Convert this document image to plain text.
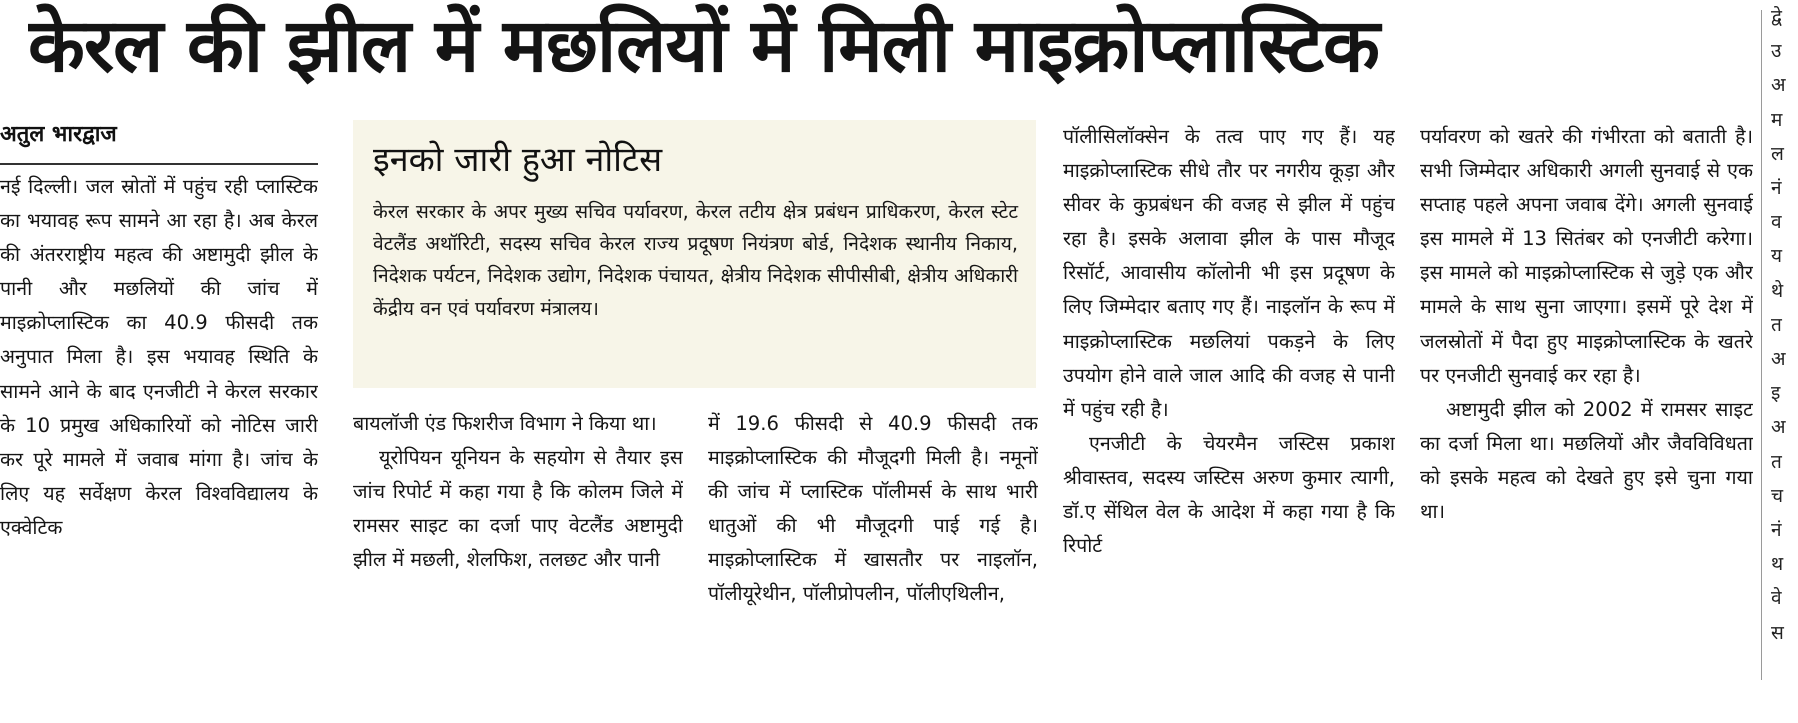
केरल की झील में मछलियों में मिली माइक्रोप्लास्टिक
अतुल भारद्वाज
इनको जारी हुआ नोटिस
केरल सरकार के अपर मुख्य सचिव पर्यावरण, केरल तटीय क्षेत्र प्रबंधन प्राधिकरण, केरल स्टेट वेटलैंड अथॉरिटी, सदस्य सचिव केरल राज्य प्रदूषण नियंत्रण बोर्ड, निदेशक स्थानीय निकाय, निदेशक पर्यटन, निदेशक उद्योग, निदेशक पंचायत, क्षेत्रीय निदेशक सीपीसीबी, क्षेत्रीय अधिकारी केंद्रीय वन एवं पर्यावरण मंत्रालय।

नई दिल्ली। जल स्रोतों में पहुंच रही प्लास्टिक का भयावह रूप सामने आ रहा है। अब केरल की अंतरराष्ट्रीय महत्व की अष्टामुदी झील के पानी और मछलियों की जांच में माइक्रोप्लास्टिक का 40.9 फीसदी तक अनुपात मिला है। इस भयावह स्थिति के सामने आने के बाद एनजीटी ने केरल सरकार के 10 प्रमुख अधिकारियों को नोटिस जारी कर पूरे मामले में जवाब मांगा है। जांच के लिए यह सर्वेक्षण केरल विश्वविद्यालय के एक्वेटिक

बायलॉजी एंड फिशरीज विभाग ने किया था।

यूरोपियन यूनियन के सहयोग से तैयार इस जांच रिपोर्ट में कहा गया है कि कोलम जिले में रामसर साइट का दर्जा पाए वेटलैंड अष्टामुदी झील में मछली, शेलफिश, तलछट और पानी

में 19.6 फीसदी से 40.9 फीसदी तक माइक्रोप्लास्टिक की मौजूदगी मिली है। नमूनों की जांच में प्लास्टिक पॉलीमर्स के साथ भारी धातुओं की भी मौजूदगी पाई गई है। माइक्रोप्लास्टिक में खासतौर पर नाइलॉन, पॉलीयूरेथीन, पॉलीप्रोपलीन, पॉलीएथिलीन,

पॉलीसिलॉक्सेन के तत्व पाए गए हैं। यह माइक्रोप्लास्टिक सीधे तौर पर नगरीय कूड़ा और सीवर के कुप्रबंधन की वजह से झील में पहुंच रहा है। इसके अलावा झील के पास मौजूद रिसॉर्ट, आवासीय कॉलोनी भी इस प्रदूषण के लिए जिम्मेदार बताए गए हैं। नाइलॉन के रूप में माइक्रोप्लास्टिक मछलियां पकड़ने के लिए उपयोग होने वाले जाल आदि की वजह से पानी में पहुंच रही है।

एनजीटी के चेयरमैन जस्टिस प्रकाश श्रीवास्तव, सदस्य जस्टिस अरुण कुमार त्यागी, डॉ.ए सेंथिल वेल के आदेश में कहा गया है कि रिपोर्ट

पर्यावरण को खतरे की गंभीरता को बताती है। सभी जिम्मेदार अधिकारी अगली सुनवाई से एक सप्ताह पहले अपना जवाब देंगे। अगली सुनवाई इस मामले में 13 सितंबर को एनजीटी करेगा। इस मामले को माइक्रोप्लास्टिक से जुड़े एक और मामले के साथ सुना जाएगा। इसमें पूरे देश में जलस्रोतों में पैदा हुए माइक्रोप्लास्टिक के खतरे पर एनजीटी सुनवाई कर रहा है।

अष्टामुदी झील को 2002 में रामसर साइट का दर्जा मिला था। मछलियों और जैवविविधता को इसके महत्व को देखते हुए इसे चुना गया था।

द्वे
उ
अ
म
ल
नं
व
य
थे
त
अ
इ
अ
त
च
नं
थ
वे
स
